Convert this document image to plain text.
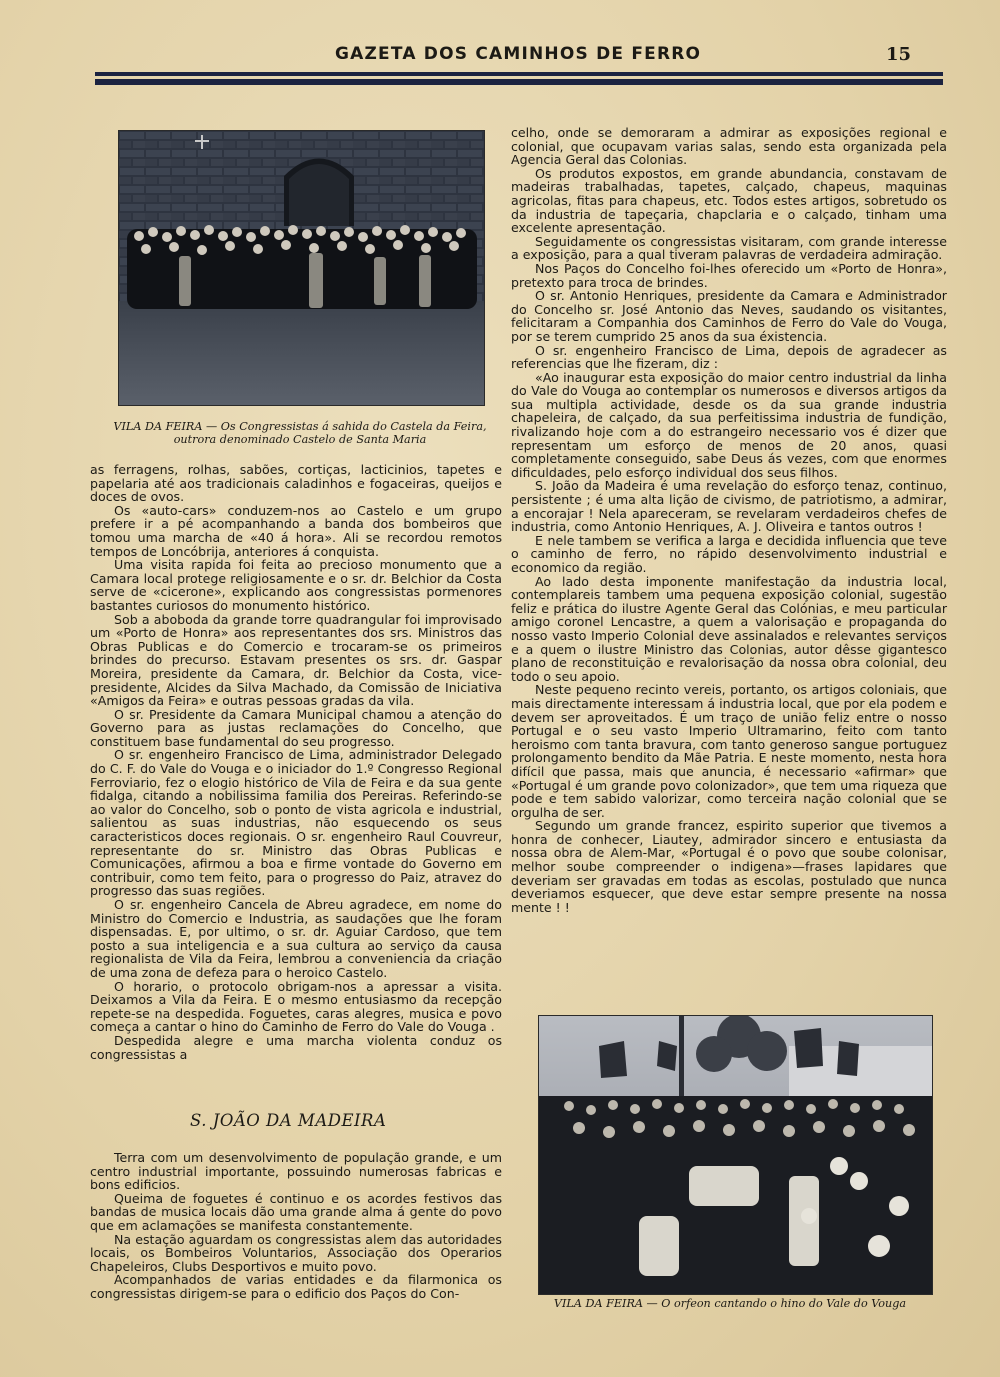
GAZETA DOS CAMINHOS DE FERRO	15
VILA DA FEIRA — Os Congressistas á sahida do Castela da Feira,
outrora denominado Castelo de Santa Maria

as ferragens, rolhas, sabões, cortiças, lacticinios, tapetes e papelaria até aos tradicionais caladinhos e fogaceiras, queijos e doces de ovos.

Os «auto-cars» conduzem-nos ao Castelo e um grupo prefere ir a pé acompanhando a banda dos bombeiros que tomou uma marcha de «40 á hora». Ali se recordou remotos tempos de Loncóbrija, anteriores á conquista.

Uma visita rapida foi feita ao precioso monumento que a Camara local protege religiosamente e o sr. dr. Belchior da Costa serve de «cicerone», explicando aos congressistas pormenores bastantes curiosos do monumento histórico.

Sob a aboboda da grande torre quadrangular foi improvisado um «Porto de Honra» aos representantes dos srs. Ministros das Obras Publicas e do Comercio e trocaram-se os primeiros brindes do precurso. Estavam presentes os srs. dr. Gaspar Moreira, presidente da Camara, dr. Belchior da Costa, vice-presidente, Alcides da Silva Machado, da Comissão de Iniciativa «Amigos da Feira» e outras pessoas gradas da vila.

O sr. Presidente da Camara Municipal chamou a atenção do Governo para as justas reclamações do Concelho, que constituem base fundamental do seu progresso.

O sr. engenheiro Francisco de Lima, administrador Delegado do C. F. do Vale do Vouga e o iniciador do 1.º Congresso Regional Ferroviario, fez o elogio histórico de Vila de Feira e da sua gente fidalga, citando a nobilissima familia dos Pereiras. Referindo-se ao valor do Concelho, sob o ponto de vista agricola e industrial, salientou as suas industrias, não esquecendo os seus caracteristicos doces regionais. O sr. engenheiro Raul Couvreur, representante do sr. Ministro das Obras Publicas e Comunicações, afirmou a boa e firme vontade do Governo em contribuir, como tem feito, para o progresso do Paiz, atravez do progresso das suas regiões.

O sr. engenheiro Cancela de Abreu agradece, em nome do Ministro do Comercio e Industria, as saudações que lhe foram dispensadas. E, por ultimo, o sr. dr. Aguiar Cardoso, que tem posto a sua inteligencia e a sua cultura ao serviço da causa regionalista de Vila da Feira, lembrou a conveniencia da criação de uma zona de defeza para o heroico Castelo.

O horario, o protocolo obrigam-nos a apressar a visita. Deixamos a Vila da Feira. E o mesmo entusiasmo da recepção repete-se na despedida. Foguetes, caras alegres, musica e povo começa a cantar o hino do Caminho de Ferro do Vale do Vouga .

Despedida alegre e uma marcha violenta conduz os congressistas a

S. JOÃO DA MADEIRA

Terra com um desenvolvimento de população grande, e um centro industrial importante, possuindo numerosas fabricas e bons edificios.

Queima de foguetes é continuo e os acordes festivos das bandas de musica locais dão uma grande alma á gente do povo que em aclamações se manifesta constantemente.

Na estação aguardam os congressistas alem das autoridades locais, os Bombeiros Voluntarios, Associação dos Operarios Chapeleiros, Clubs Desportivos e muito povo.

Acompanhados de varias entidades e da filarmonica os congressistas dirigem-se para o edificio dos Paços do Con-

celho, onde se demoraram a admirar as exposições regional e colonial, que ocupavam varias salas, sendo esta organizada pela Agencia Geral das Colonias.

Os produtos expostos, em grande abundancia, constavam de madeiras trabalhadas, tapetes, calçado, chapeus, maquinas agricolas, fitas para chapeus, etc. Todos estes artigos, sobretudo os da industria de tapeçaria, chapclaria e o calçado, tinham uma excelente apresentação.

Seguidamente os congressistas visitaram, com grande interesse a exposição, para a qual tiveram palavras de verdadeira admiração.

Nos Paços do Concelho foi-lhes oferecido um «Porto de Honra», pretexto para troca de brindes.

O sr. Antonio Henriques, presidente da Camara e Administrador do Concelho sr. José Antonio das Neves, saudando os visitantes, felicitaram a Companhia dos Caminhos de Ferro do Vale do Vouga, por se terem cumprido 25 anos da sua éxistencia.

O sr. engenheiro Francisco de Lima, depois de agradecer as referencias que lhe fizeram, diz :

«Ao inaugurar esta exposição do maior centro industrial da linha do Vale do Vouga ao contemplar os numerosos e diversos artigos da sua multipla actividade, desde os da sua grande industria chapeleira, de calçado, da sua perfeitissima industria de fundição, rivalizando hoje com a do estrangeiro necessario vos é dizer que representam um esforço de menos de 20 anos, quasi completamente conseguido, sabe Deus ás vezes, com que enormes dificuldades, pelo esforço individual dos seus filhos.

S. João da Madeira é uma revelação do esforço tenaz, continuo, persistente ; é uma alta lição de civismo, de patriotismo, a admirar, a encorajar ! Nela apareceram, se revelaram verdadeiros chefes de industria, como Antonio Henriques, A. J. Oliveira e tantos outros !

E nele tambem se verifica a larga e decidida influencia que teve o caminho de ferro, no rápido desenvolvimento industrial e economico da região.

Ao lado desta imponente manifestação da industria local, contemplareis tambem uma pequena exposição colonial, sugestão feliz e prática do ilustre Agente Geral das Colónias, e meu particular amigo coronel Lencastre, a quem a valorisação e propaganda do nosso vasto Imperio Colonial deve assinalados e relevantes serviços e a quem o ilustre Ministro das Colonias, autor dêsse gigantesco plano de reconstituição e revalorisação da nossa obra colonial, deu todo o seu apoio.

Neste pequeno recinto vereis, portanto, os artigos coloniais, que mais directamente interessam á industria local, que por ela podem e devem ser aproveitados. É um traço de união feliz entre o nosso Portugal e o seu vasto Imperio Ultramarino, feito com tanto heroismo com tanta bravura, com tanto generoso sangue portuguez prolongamento bendito da Mãe Patria. E neste momento, nesta hora difícil que passa, mais que anuncia, é necessario «afirmar» que «Portugal é um grande povo colonizador», que tem uma riqueza que pode e tem sabido valorizar, como terceira nação colonial que se orgulha de ser.

Segundo um grande francez, espirito superior que tivemos a honra de conhecer, Liautey, admirador sincero e entusiasta da nossa obra de Alem-Mar, «Portugal é o povo que soube colonisar, melhor soube compreender o indigena»—frases lapidares que deveriam ser gravadas em todas as escolas, postulado que nunca deveriamos esquecer, que deve estar sempre presente na nossa mente ! !

VILA DA FEIRA — O orfeon cantando o hino do Vale do Vouga
